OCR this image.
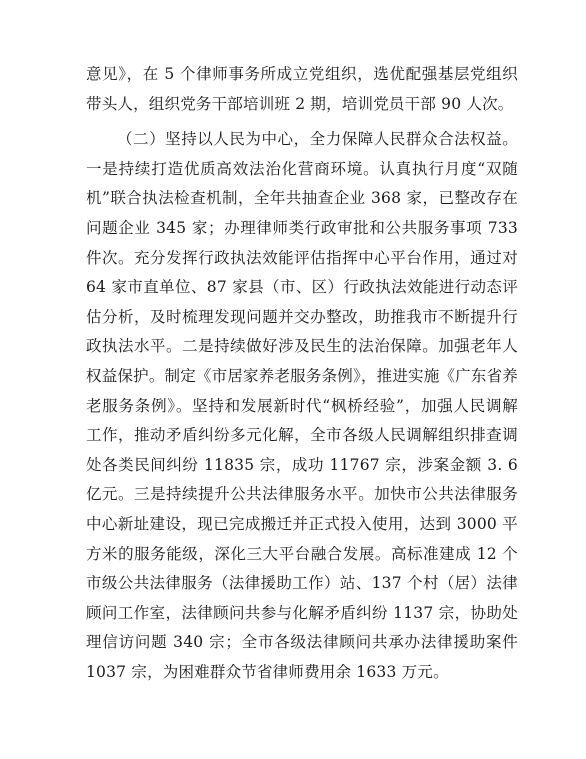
意见》，在 5 个律师事务所成立党组织，选优配强基层党组织带头人，组织党务干部培训班 2 期，培训党员干部 90 人次。

（二）坚持以人民为中心，全力保障人民群众合法权益。一是持续打造优质高效法治化营商环境。认真执行月度“双随机”联合执法检查机制，全年共抽查企业 368 家，已整改存在问题企业 345 家；办理律师类行政审批和公共服务事项 733 件次。充分发挥行政执法效能评估指挥中心平台作用，通过对 64 家市直单位、87 家县（市、区）行政执法效能进行动态评估分析，及时梳理发现问题并交办整改，助推我市不断提升行政执法水平。二是持续做好涉及民生的法治保障。加强老年人权益保护。制定《市居家养老服务条例》，推进实施《广东省养老服务条例》。坚持和发展新时代“枫桥经验”，加强人民调解工作，推动矛盾纠纷多元化解，全市各级人民调解组织排查调处各类民间纠纷 11835 宗，成功 11767 宗，涉案金额 3. 6 亿元。三是持续提升公共法律服务水平。加快市公共法律服务中心新址建设，现已完成搬迁并正式投入使用，达到 3000 平方米的服务能级，深化三大平台融合发展。高标准建成 12 个市级公共法律服务（法律援助工作）站、137 个村（居）法律顾问工作室，法律顾问共参与化解矛盾纠纷 1137 宗，协助处理信访问题 340 宗；全市各级法律顾问共承办法律援助案件 1037 宗，为困难群众节省律师费用余 1633 万元。
